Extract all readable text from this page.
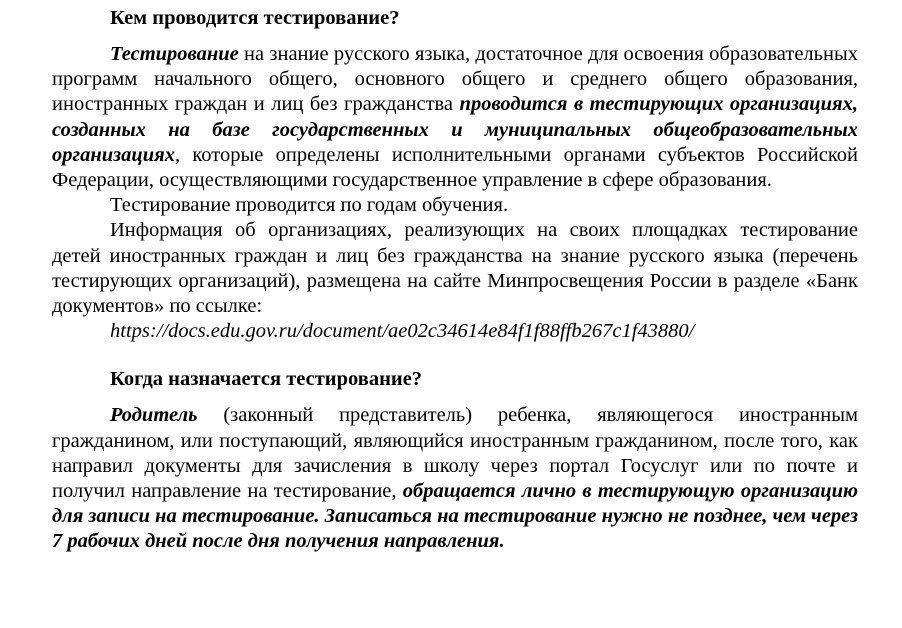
Кем проводится тестирование?

Тестирование на знание русского языка, достаточное для освоения образовательных программ начального общего, основного общего и среднего общего образования, иностранных граждан и лиц без гражданства проводится в тестирующих организациях, созданных на базе государственных и муниципальных общеобразовательных организациях, которые определены исполнительными органами субъектов Российской Федерации, осуществляющими государственное управление в сфере образования.

Тестирование проводится по годам обучения.

Информация об организациях, реализующих на своих площадках тестирование детей иностранных граждан и лиц без гражданства на знание русского языка (перечень тестирующих организаций), размещена на сайте Минпросвещения России в разделе «Банк документов» по ссылке:

https://docs.edu.gov.ru/document/ae02c34614e84f1f88ffb267c1f43880/

Когда назначается тестирование?

Родитель (законный представитель) ребенка, являющегося иностранным гражданином, или поступающий, являющийся иностранным гражданином, после того, как направил документы для зачисления в школу через портал Госуслуг или по почте и получил направление на тестирование, обращается лично в тестирующую организацию для записи на тестирование. Записаться на тестирование нужно не позднее, чем через 7 рабочих дней после дня получения направления.
